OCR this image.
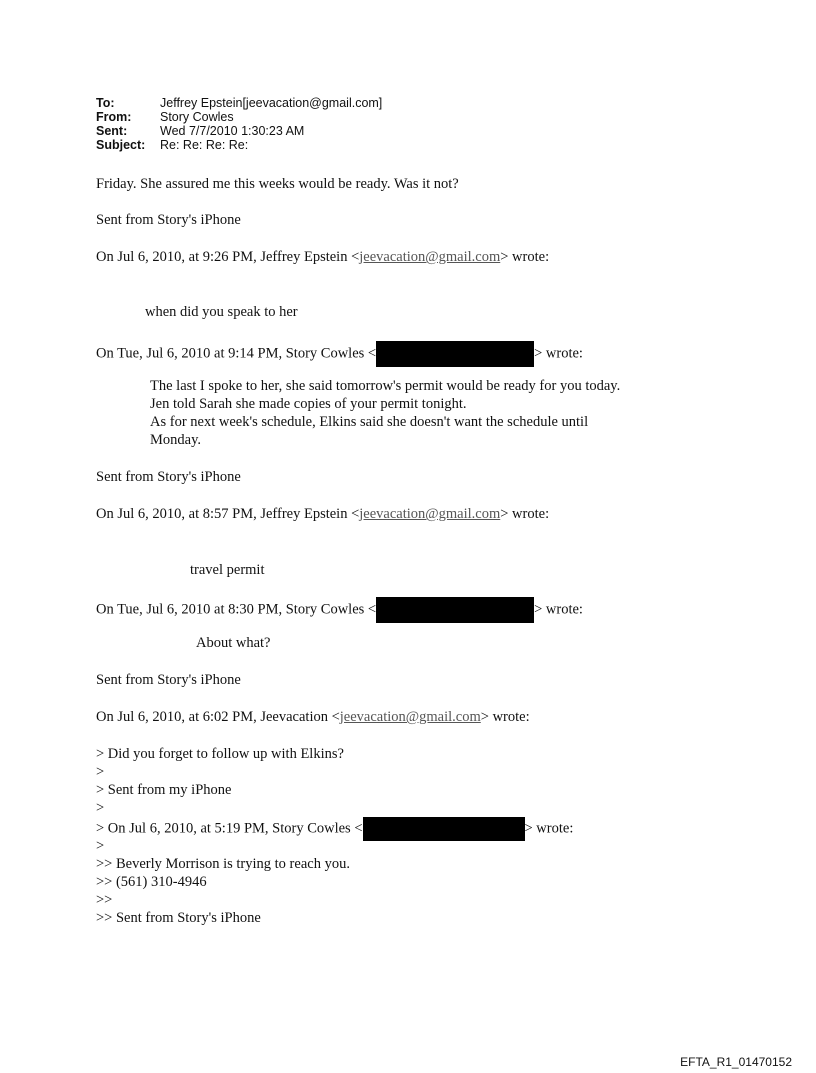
To:	Jeffrey Epstein[jeevacation@gmail.com]
From:	Story Cowles
Sent:	Wed 7/7/2010 1:30:23 AM
Subject:	Re: Re: Re: Re:
Friday. She assured me this weeks would be ready. Was it not?
Sent from Story's iPhone
On Jul 6, 2010, at 9:26 PM, Jeffrey Epstein <jeevacation@gmail.com> wrote:
when did you speak to her
On Tue, Jul 6, 2010 at 9:14 PM, Story Cowles <	> wrote:
The last I spoke to her, she said tomorrow's permit would be ready for you today.
Jen told Sarah she made copies of your permit tonight.
As for next week's schedule, Elkins said she doesn't want the schedule until
Monday.
Sent from Story's iPhone
On Jul 6, 2010, at 8:57 PM, Jeffrey Epstein <jeevacation@gmail.com> wrote:
travel permit
On Tue, Jul 6, 2010 at 8:30 PM, Story Cowles <	> wrote:
About what?
Sent from Story's iPhone
On Jul 6, 2010, at 6:02 PM, Jeevacation <jeevacation@gmail.com> wrote:
> Did you forget to follow up with Elkins?
>
> Sent from my iPhone
>
> On Jul 6, 2010, at 5:19 PM, Story Cowles <	> wrote:
>
>> Beverly Morrison is trying to reach you.
>> (561) 310-4946
>>
>> Sent from Story's iPhone
EFTA_R1_01470152
